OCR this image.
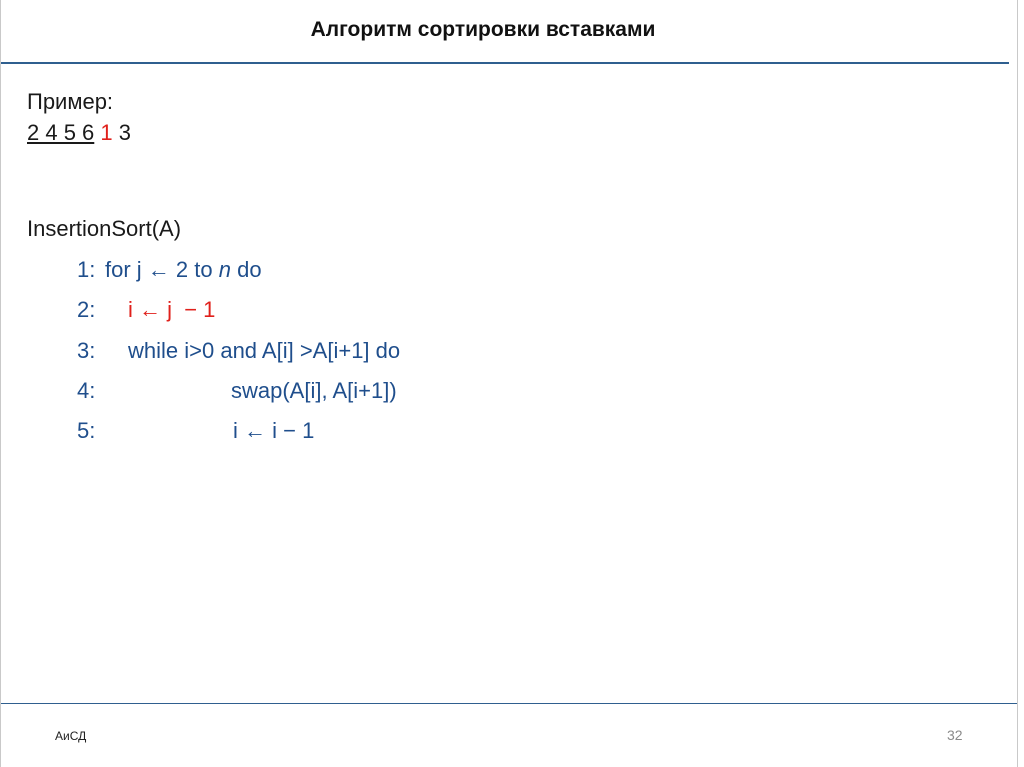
Алгоритм сортировки вставками
Пример:
2 4 5 6 1 3
InsertionSort(A)

1:

for j ← 2 to n do

2:

i ← j  − 1

3:

while i>0 and A[i] >A[i+1] do

4:

	swap(A[i], A[i+1])

5:

	i ← i − 1

АиСД	32
